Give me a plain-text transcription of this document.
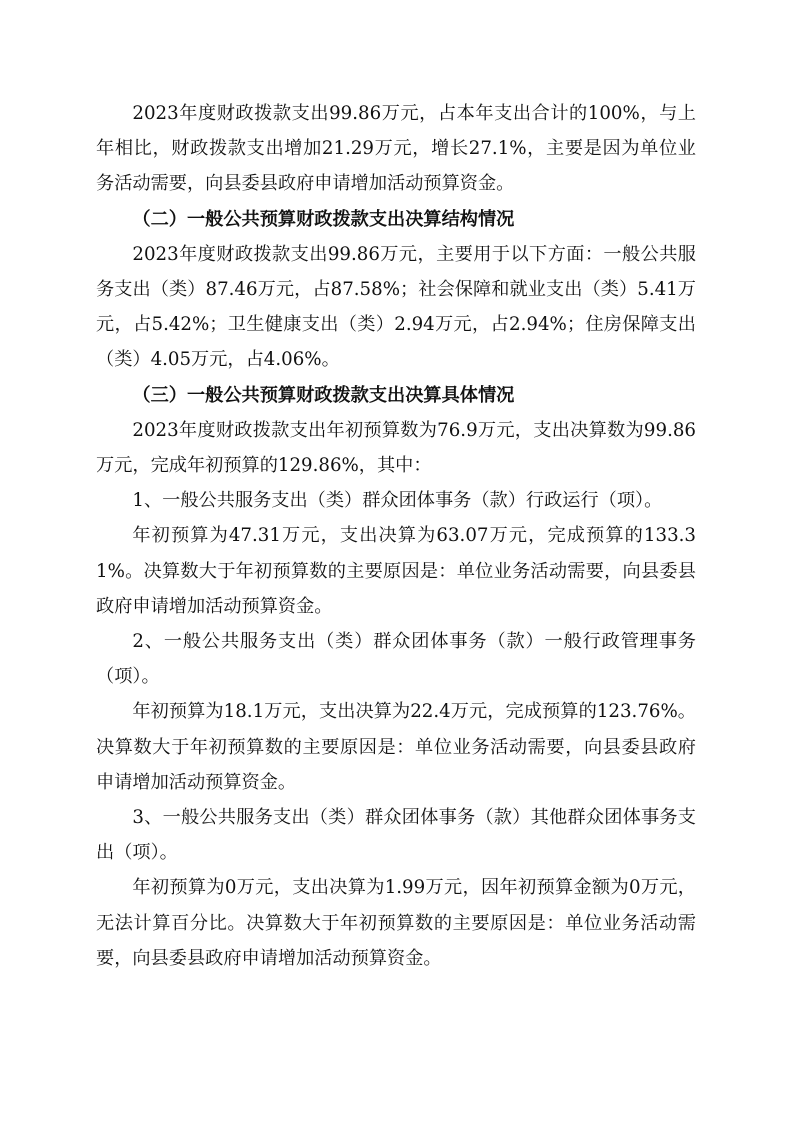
2023年度财政拨款支出99.86万元，占本年支出合计的100%，与上年相比，财政拨款支出增加21.29万元，增长27.1%，主要是因为单位业务活动需要，向县委县政府申请增加活动预算资金。

（二）一般公共预算财政拨款支出决算结构情况

2023年度财政拨款支出99.86万元，主要用于以下方面：一般公共服务支出（类）87.46万元，占87.58%；社会保障和就业支出（类）5.41万元，占5.42%；卫生健康支出（类）2.94万元，占2.94%；住房保障支出（类）4.05万元，占4.06%。

（三）一般公共预算财政拨款支出决算具体情况

2023年度财政拨款支出年初预算数为76.9万元，支出决算数为99.86万元，完成年初预算的129.86%，其中：

1、一般公共服务支出（类）群众团体事务（款）行政运行（项）。

年初预算为47.31万元，支出决算为63.07万元，完成预算的133.31%。决算数大于年初预算数的主要原因是：单位业务活动需要，向县委县政府申请增加活动预算资金。

2、一般公共服务支出（类）群众团体事务（款）一般行政管理事务（项）。

年初预算为18.1万元，支出决算为22.4万元，完成预算的123.76%。决算数大于年初预算数的主要原因是：单位业务活动需要，向县委县政府申请增加活动预算资金。

3、一般公共服务支出（类）群众团体事务（款）其他群众团体事务支出（项）。

年初预算为0万元，支出决算为1.99万元，因年初预算金额为0万元，无法计算百分比。决算数大于年初预算数的主要原因是：单位业务活动需要，向县委县政府申请增加活动预算资金。
